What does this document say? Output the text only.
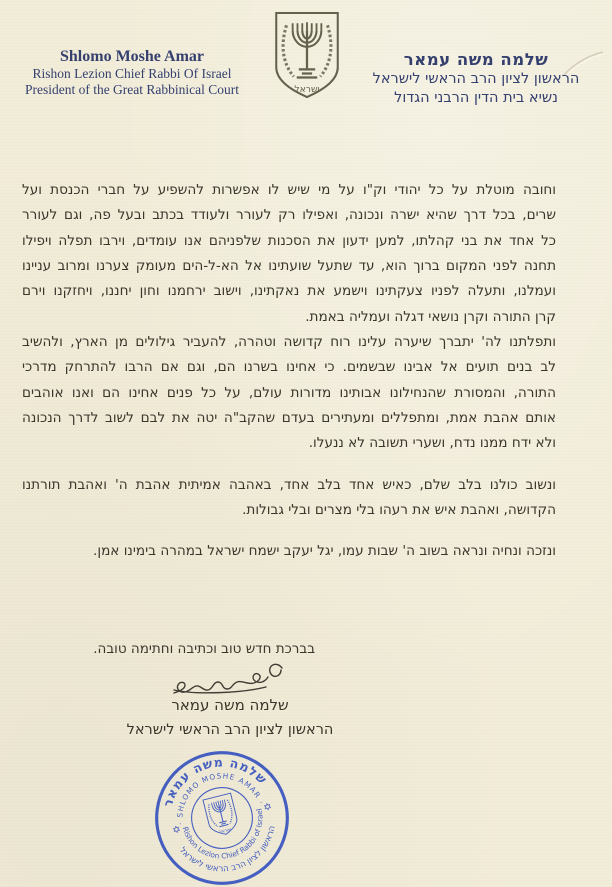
Shlomo Moshe Amar
Rishon Lezion Chief Rabbi Of Israel
President of the Great Rabbinical Court
שלמה משה עמאר
הראשון לציון הרב הראשי לישראל
נשיא בית הדין הרבני הגדול
וחובה מוטלת על כל יהודי וק"ו על מי שיש לו אפשרות להשפיע על חברי הכנסת ועל
שרים, בכל דרך שהיא ישרה ונכונה, ואפילו רק לעורר ולעודד בכתב ובעל פה, וגם לעורר
כל אחד את בני קהלתו, למען ידעון את הסכנות שלפניהם אנו עומדים, וירבו תפלה ויפילו
תחנה לפני המקום ברוך הוא, עד שתעל שועתינו אל הא-ל-הים מעומק צערנו ומרוב עניינו
ועמלנו, ותעלה לפניו צעקתינו וישמע את נאקתינו, וישוב ירחמנו וחון יחננו, ויחזקנו וירם
קרן התורה וקרן נושאי דגלה ועמליה באמת.
ותפלתנו לה' יתברך שיערה עלינו רוח קדושה וטהרה, להעביר גילולים מן הארץ, ולהשיב
לב בנים תועים אל אבינו שבשמים. כי אחינו בשרנו הם, וגם אם הרבו להתרחק מדרכי
התורה, והמסורת שהנחילונו אבותינו מדורות עולם, על כל פנים אחינו הם ואנו אוהבים
אותם אהבת אמת, ומתפללים ומעתירים בעדם שהקב"ה יטה את לבם לשוב לדרך הנכונה
ולא ידח ממנו נדח, ושערי תשובה לא ננעלו.
ונשוב כולנו בלב שלם, כאיש אחד בלב אחד, באהבה אמיתית אהבת ה' ואהבת תורתנו
הקדושה, ואהבת איש את רעהו בלי מצרים ובלי גבולות.
ונזכה ונחיה ונראה בשוב ה' שבות עמו, יגל יעקב ישמח ישראל במהרה בימינו אמן.
בברכת חדש טוב וכתיבה וחתימה טובה.
שלמה משה עמאר
הראשון לציון הרב הראשי לישראל
שלמה משה עמאר
· SHLOMO MOSHE AMAR ·
Rishon Lezion Chief Rabbi of Israel
הראשון לציון הרב הראשי לישראל
✡
✡
